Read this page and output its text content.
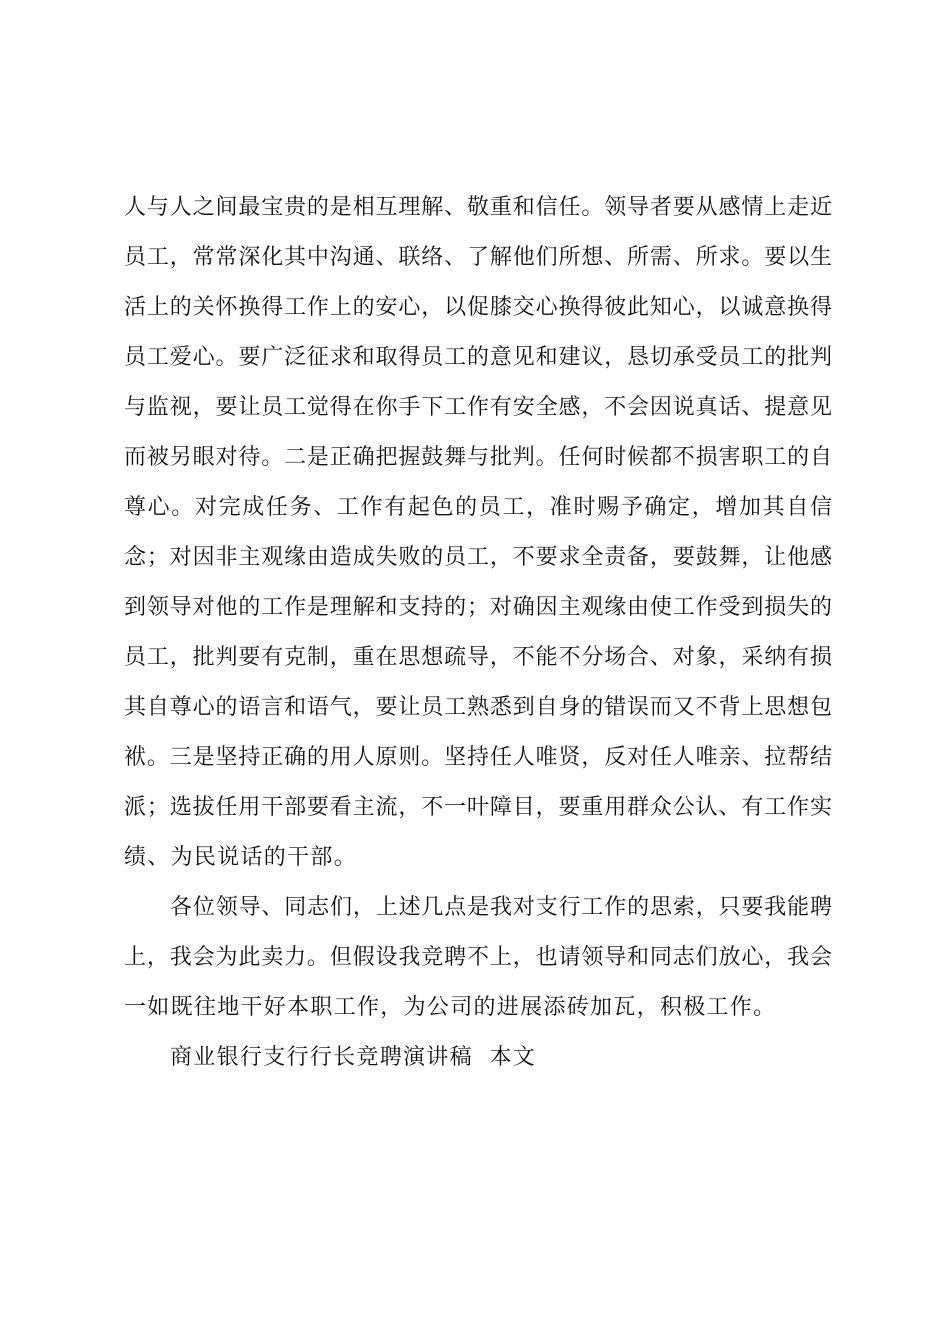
人与人之间最宝贵的是相互理解、敬重和信任。领导者要从感情上走近
员工，常常深化其中沟通、联络、了解他们所想、所需、所求。要以生
活上的关怀换得工作上的安心，以促膝交心换得彼此知心，以诚意换得
员工爱心。要广泛征求和取得员工的意见和建议，恳切承受员工的批判
与监视，要让员工觉得在你手下工作有安全感，不会因说真话、提意见
而被另眼对待。二是正确把握鼓舞与批判。任何时候都不损害职工的自
尊心。对完成任务、工作有起色的员工，准时赐予确定，增加其自信
念；对因非主观缘由造成失败的员工，不要求全责备，要鼓舞，让他感
到领导对他的工作是理解和支持的；对确因主观缘由使工作受到损失的
员工，批判要有克制，重在思想疏导，不能不分场合、对象，采纳有损
其自尊心的语言和语气，要让员工熟悉到自身的错误而又不背上思想包
袱。三是坚持正确的用人原则。坚持任人唯贤，反对任人唯亲、拉帮结
派；选拔任用干部要看主流，不一叶障目，要重用群众公认、有工作实
绩、为民说话的干部。
各位领导、同志们，上述几点是我对支行工作的思索，只要我能聘
上，我会为此卖力。但假设我竞聘不上，也请领导和同志们放心，我会
一如既往地干好本职工作，为公司的进展添砖加瓦，积极工作。
商业银行支行行长竞聘演讲稿  本文
